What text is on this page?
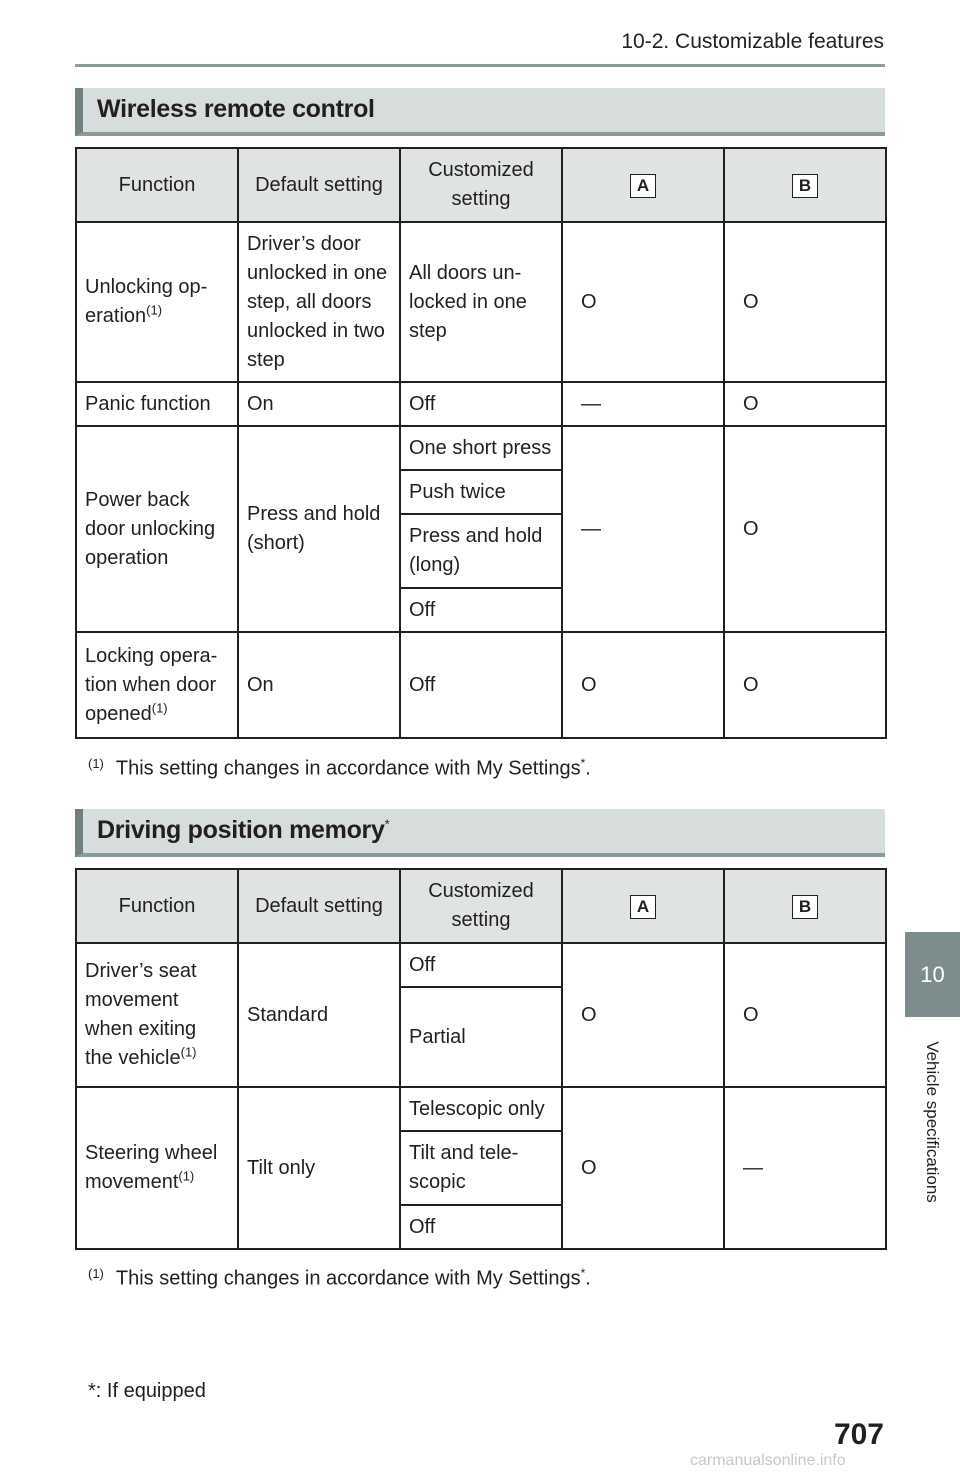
10-2. Customizable features
Wireless remote control
Function	Default setting	Customized setting	A	B
Unlocking op-eration$^{(1)}$	Driver’s door unlocked in one step, all doors unlocked in two step	All doors un-locked in one step	O	O
Panic function	On	Off	—	O
Power back door unlocking operation	Press and hold (short)	One short press	—	O
		Push twice		
		Press and hold (long)		
		Off		
Locking opera-tion when door opened$^{(1)}$	On	Off	O	O
$^{(1)}$ This setting changes in accordance with My Settings*.
Driving position memory*
Function	Default setting	Customized setting	A	B
Driver’s seat movement when exiting the vehicle$^{(1)}$	Standard	Off	O	O
		Partial		
Steering wheel movement$^{(1)}$	Tilt only	Telescopic only	O	—
		Tilt and tele-scopic		
		Off		
$^{(1)}$ This setting changes in accordance with My Settings*.
*: If equipped
10
Vehicle specifications
707
carmanualsonline.info
